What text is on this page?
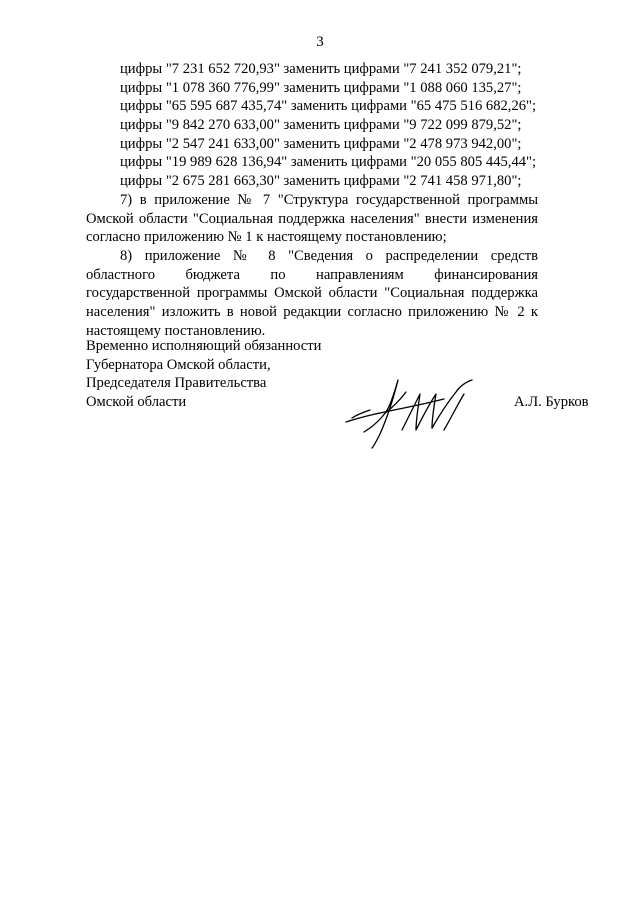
3
цифры "7 231 652 720,93" заменить цифрами "7 241 352 079,21";
цифры "1 078 360 776,99" заменить цифрами "1 088 060 135,27";
цифры "65 595 687 435,74" заменить цифрами "65 475 516 682,26";
цифры "9 842 270 633,00" заменить цифрами "9 722 099 879,52";
цифры "2 547 241 633,00" заменить цифрами "2 478 973 942,00";
цифры "19 989 628 136,94" заменить цифрами "20 055 805 445,44";
цифры "2 675 281 663,30" заменить цифрами "2 741 458 971,80";

7) в приложение № 7 "Структура государственной программы Омской области "Социальная поддержка населения" внести изменения согласно приложению № 1 к настоящему постановлению;

8) приложение № 8 "Сведения о распределении средств областного бюджета по направлениям финансирования государственной программы Омской области "Социальная поддержка населения" изложить в новой редакции согласно приложению № 2 к настоящему постановлению.

Временно исполняющий обязанности
Губернатора Омской области,
Председателя Правительства
Омской области	А.Л. Бурков
